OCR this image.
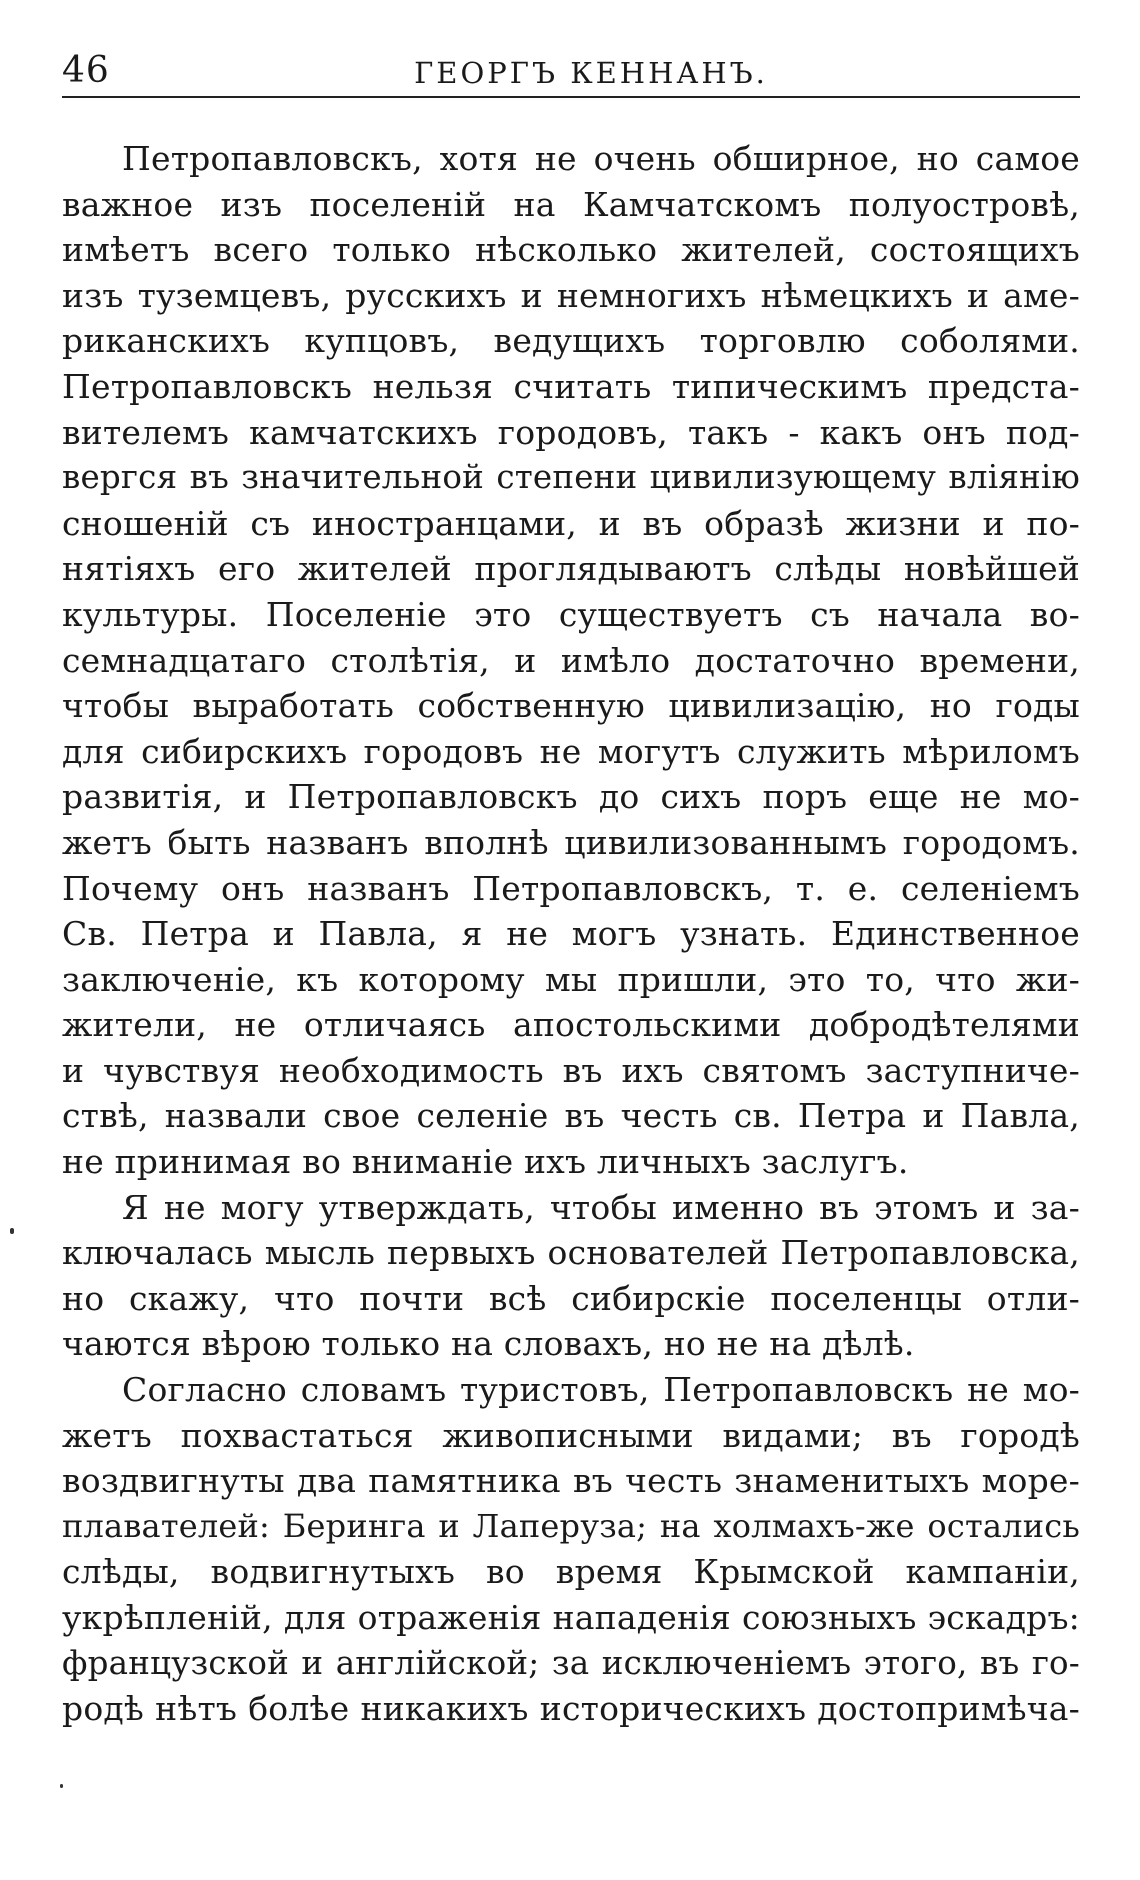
46	ГЕОРГЪ КЕННАНЪ.
Петропавловскъ, хотя не очень обширное, но самое
важное изъ поселеній на Камчатскомъ полуостровѣ,
имѣетъ всего только нѣсколько жителей, состоящихъ
изъ туземцевъ, русскихъ и немногихъ нѣмецкихъ и аме-
риканскихъ купцовъ, ведущихъ торговлю соболями.
Петропавловскъ нельзя считать типическимъ предста-
вителемъ камчатскихъ городовъ, такъ - какъ онъ под-
вергся въ значительной степени цивилизующему вліянію
сношеній съ иностранцами, и въ образѣ жизни и по-
нятіяхъ его жителей проглядываютъ слѣды новѣйшей
культуры. Поселеніе это существуетъ съ начала во-
семнадцатаго столѣтія, и имѣло достаточно времени,
чтобы выработать собственную цивилизацію, но годы
для сибирскихъ городовъ не могутъ служить мѣриломъ
развитія, и Петропавловскъ до сихъ поръ еще не мо-
жетъ быть названъ вполнѣ цивилизованнымъ городомъ.
Почему онъ названъ Петропавловскъ, т. е. селеніемъ
Св. Петра и Павла, я не могъ узнать. Единственное
заключеніе, къ которому мы пришли, это то, что жи-
жители, не отличаясь апостольскими добродѣтелями
и чувствуя необходимость въ ихъ святомъ заступниче-
ствѣ, назвали свое селеніе въ честь св. Петра и Павла,
не принимая во вниманіе ихъ личныхъ заслугъ.
Я не могу утверждать, чтобы именно въ этомъ и за-
ключалась мысль первыхъ основателей Петропавловска,
но скажу, что почти всѣ сибирскіе поселенцы отли-
чаются вѣрою только на словахъ, но не на дѣлѣ.
Согласно словамъ туристовъ, Петропавловскъ не мо-
жетъ похвастаться живописными видами; въ городѣ
воздвигнуты два памятника въ честь знаменитыхъ море-
плавателей: Беринга и Лаперуза; на холмахъ-же остались
слѣды, водвигнутыхъ во время Крымской кампаніи,
укрѣпленій, для отраженія нападенія союзныхъ эскадръ:
французской и англійской; за исключеніемъ этого, въ го-
родѣ нѣтъ болѣе никакихъ историческихъ достопримѣча-
